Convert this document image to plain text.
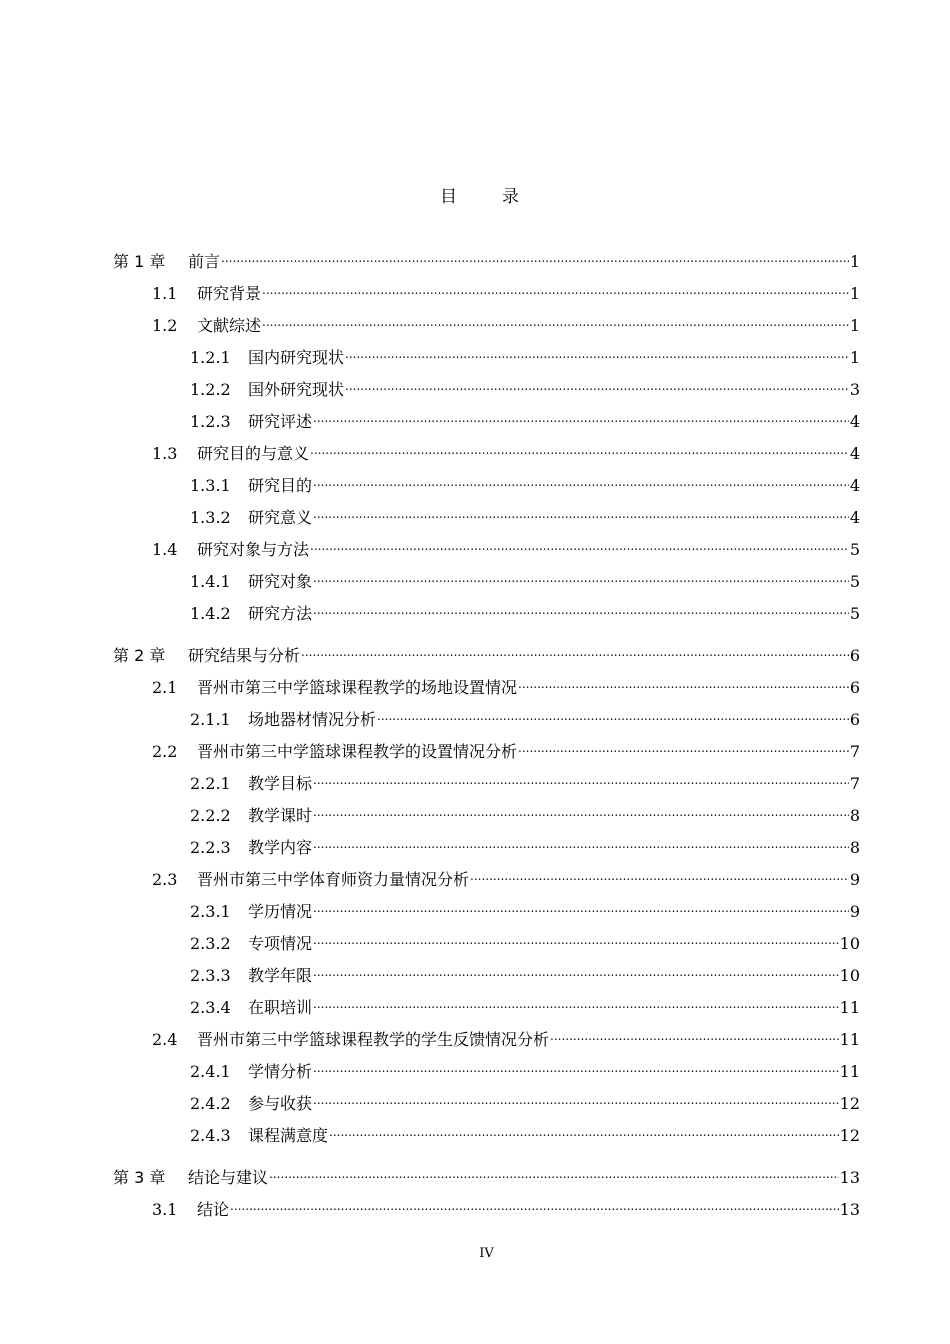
目　录
第 1 章	前言 .....	1
1.1	研究背景 .....	1
1.2	文献综述 .....	1
1.2.1	国内研究现状 .....	1
1.2.2	国外研究现状 .....	3
1.2.3	研究评述 .....	4
1.3	研究目的与意义 .....	4
1.3.1	研究目的 .....	4
1.3.2	研究意义 .....	4
1.4	研究对象与方法 .....	5
1.4.1	研究对象 .....	5
1.4.2	研究方法 .....	5
第 2 章	研究结果与分析 .....	6
2.1	晋州市第三中学篮球课程教学的场地设置情况 .....	6
2.1.1	场地器材情况分析 .....	6
2.2	晋州市第三中学篮球课程教学的设置情况分析 .....	7
2.2.1	教学目标 .....	7
2.2.2	教学课时 .....	8
2.2.3	教学内容 .....	8
2.3	晋州市第三中学体育师资力量情况分析 .....	9
2.3.1	学历情况 .....	9
2.3.2	专项情况 .....	10
2.3.3	教学年限 .....	10
2.3.4	在职培训 .....	11
2.4	晋州市第三中学篮球课程教学的学生反馈情况分析 .....	11
2.4.1	学情分析 .....	11
2.4.2	参与收获 .....	12
2.4.3	课程满意度 .....	12
第 3 章	结论与建议 .....	13
3.1	结论 .....	13
IV
